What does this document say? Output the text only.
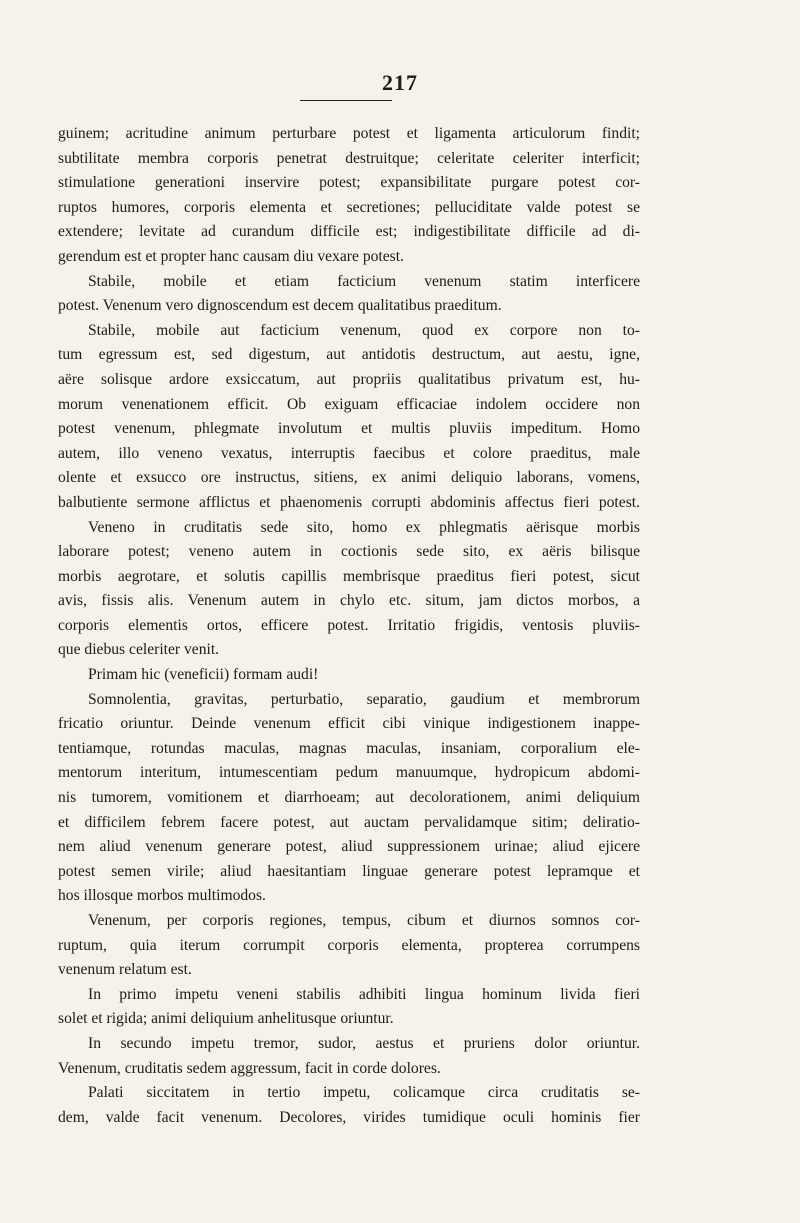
217
guinem; acritudine animum perturbare potest et ligamenta articulorum findit;
subtilitate membra corporis penetrat destruitque; celeritate celeriter interficit;
stimulatione generationi inservire potest; expansibilitate purgare potest cor-
ruptos humores, corporis elementa et secretiones; pelluciditate valde potest se
extendere; levitate ad curandum difficile est; indigestibilitate difficile ad di-
gerendum est et propter hanc causam diu vexare potest.
Stabile, mobile et etiam facticium venenum statim interficere
potest. Venenum vero dignoscendum est decem qualitatibus praeditum.
Stabile, mobile aut facticium venenum, quod ex corpore non to-
tum egressum est, sed digestum, aut antidotis destructum, aut aestu, igne,
aëre solisque ardore exsiccatum, aut propriis qualitatibus privatum est, hu-
morum venenationem efficit. Ob exiguam efficaciae indolem occidere non
potest venenum, phlegmate involutum et multis pluviis impeditum. Homo
autem, illo veneno vexatus, interruptis faecibus et colore praeditus, male
olente et exsucco ore instructus, sitiens, ex animi deliquio laborans, vomens,
balbutiente sermone afflictus et phaenomenis corrupti abdominis affectus fieri potest.
Veneno in cruditatis sede sito, homo ex phlegmatis aërisque morbis
laborare potest; veneno autem in coctionis sede sito, ex aëris bilisque
morbis aegrotare, et solutis capillis membrisque praeditus fieri potest, sicut
avis, fissis alis. Venenum autem in chylo etc. situm, jam dictos morbos, a
corporis elementis ortos, efficere potest. Irritatio frigidis, ventosis pluviis-
que diebus celeriter venit.
Primam hic (veneficii) formam audi!
Somnolentia, gravitas, perturbatio, separatio, gaudium et membrorum
fricatio oriuntur. Deinde venenum efficit cibi vinique indigestionem inappe-
tentiamque, rotundas maculas, magnas maculas, insaniam, corporalium ele-
mentorum interitum, intumescentiam pedum manuumque, hydropicum abdomi-
nis tumorem, vomitionem et diarrhoeam; aut decolorationem, animi deliquium
et difficilem febrem facere potest, aut auctam pervalidamque sitim; deliratio-
nem aliud venenum generare potest, aliud suppressionem urinae; aliud ejicere
potest semen virile; aliud haesitantiam linguae generare potest lepramque et
hos illosque morbos multimodos.
Venenum, per corporis regiones, tempus, cibum et diurnos somnos cor-
ruptum, quia iterum corrumpit corporis elementa, propterea corrumpens
venenum relatum est.
In primo impetu veneni stabilis adhibiti lingua hominum livida fieri
solet et rigida; animi deliquium anhelitusque oriuntur.
In secundo impetu tremor, sudor, aestus et pruriens dolor oriuntur.
Venenum, cruditatis sedem aggressum, facit in corde dolores.
Palati siccitatem in tertio impetu, colicamque circa cruditatis se-
dem, valde facit venenum. Decolores, virides tumidique oculi hominis fier
